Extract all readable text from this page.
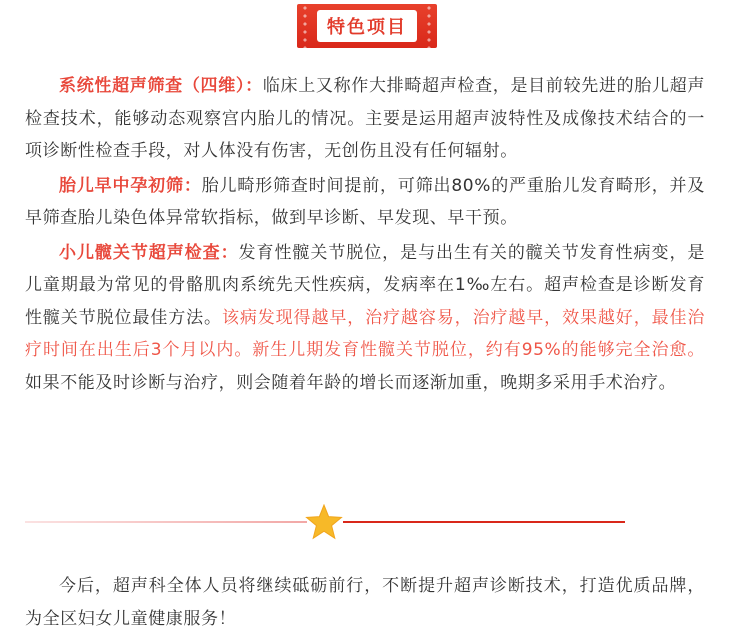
特色项目

系统性超声筛查（四维）：临床上又称作大排畸超声检查，是目前较先进的胎儿超声检查技术，能够动态观察宫内胎儿的情况。主要是运用超声波特性及成像技术结合的一项诊断性检查手段，对人体没有伤害，无创伤且没有任何辐射。

胎儿早中孕初筛：胎儿畸形筛查时间提前，可筛出80%的严重胎儿发育畸形，并及早筛查胎儿染色体异常软指标，做到早诊断、早发现、早干预。

小儿髋关节超声检查：发育性髋关节脱位，是与出生有关的髋关节发育性病变，是儿童期最为常见的骨骼肌肉系统先天性疾病，发病率在1‰左右。超声检查是诊断发育性髋关节脱位最佳方法。该病发现得越早，治疗越容易，治疗越早，效果越好，最佳治疗时间在出生后3个月以内。新生儿期发育性髋关节脱位，约有95%的能够完全治愈。如果不能及时诊断与治疗，则会随着年龄的增长而逐渐加重，晚期多采用手术治疗。

今后，超声科全体人员将继续砥砺前行，不断提升超声诊断技术，打造优质品牌，为全区妇女儿童健康服务！
